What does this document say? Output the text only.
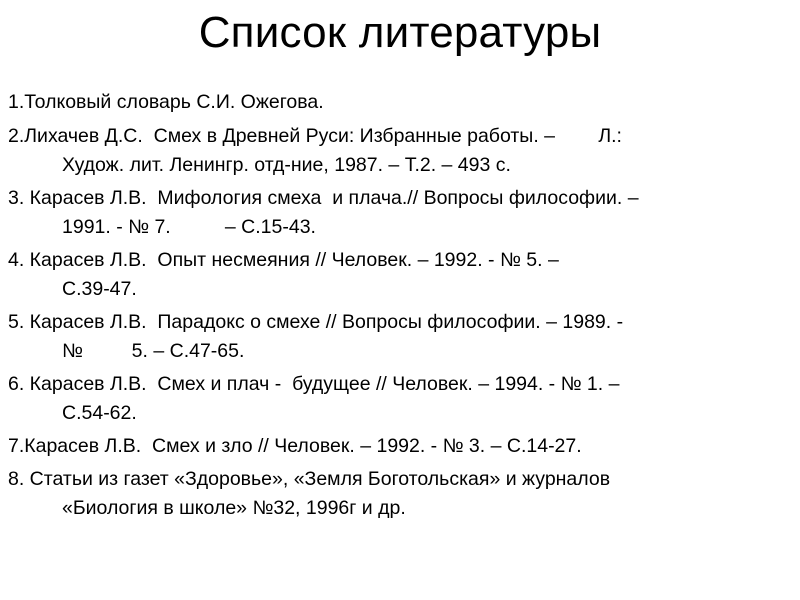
Список литературы
1.Толковый словарь С.И. Ожегова.
2.Лихачев Д.С.  Смех в Древней Руси: Избранные работы. –        Л.:
Худож. лит. Ленингр. отд-ние, 1987. – Т.2. – 493 с.
3. Карасев Л.В.  Мифология смеха  и плача.// Вопросы философии. –
1991. - № 7.          – С.15-43.
4. Карасев Л.В.  Опыт несмеяния // Человек. – 1992. - № 5. –
С.39-47.
5. Карасев Л.В.  Парадокс о смехе // Вопросы философии. – 1989. -
№         5. – С.47-65.
6. Карасев Л.В.  Смех и плач -  будущее // Человек. – 1994. - № 1. –
С.54-62.
7.Карасев Л.В.  Смех и зло // Человек. – 1992. - № 3. – С.14-27.
8. Статьи из газет «Здоровье», «Земля Боготольская» и журналов
«Биология в школе» №32, 1996г и др.
